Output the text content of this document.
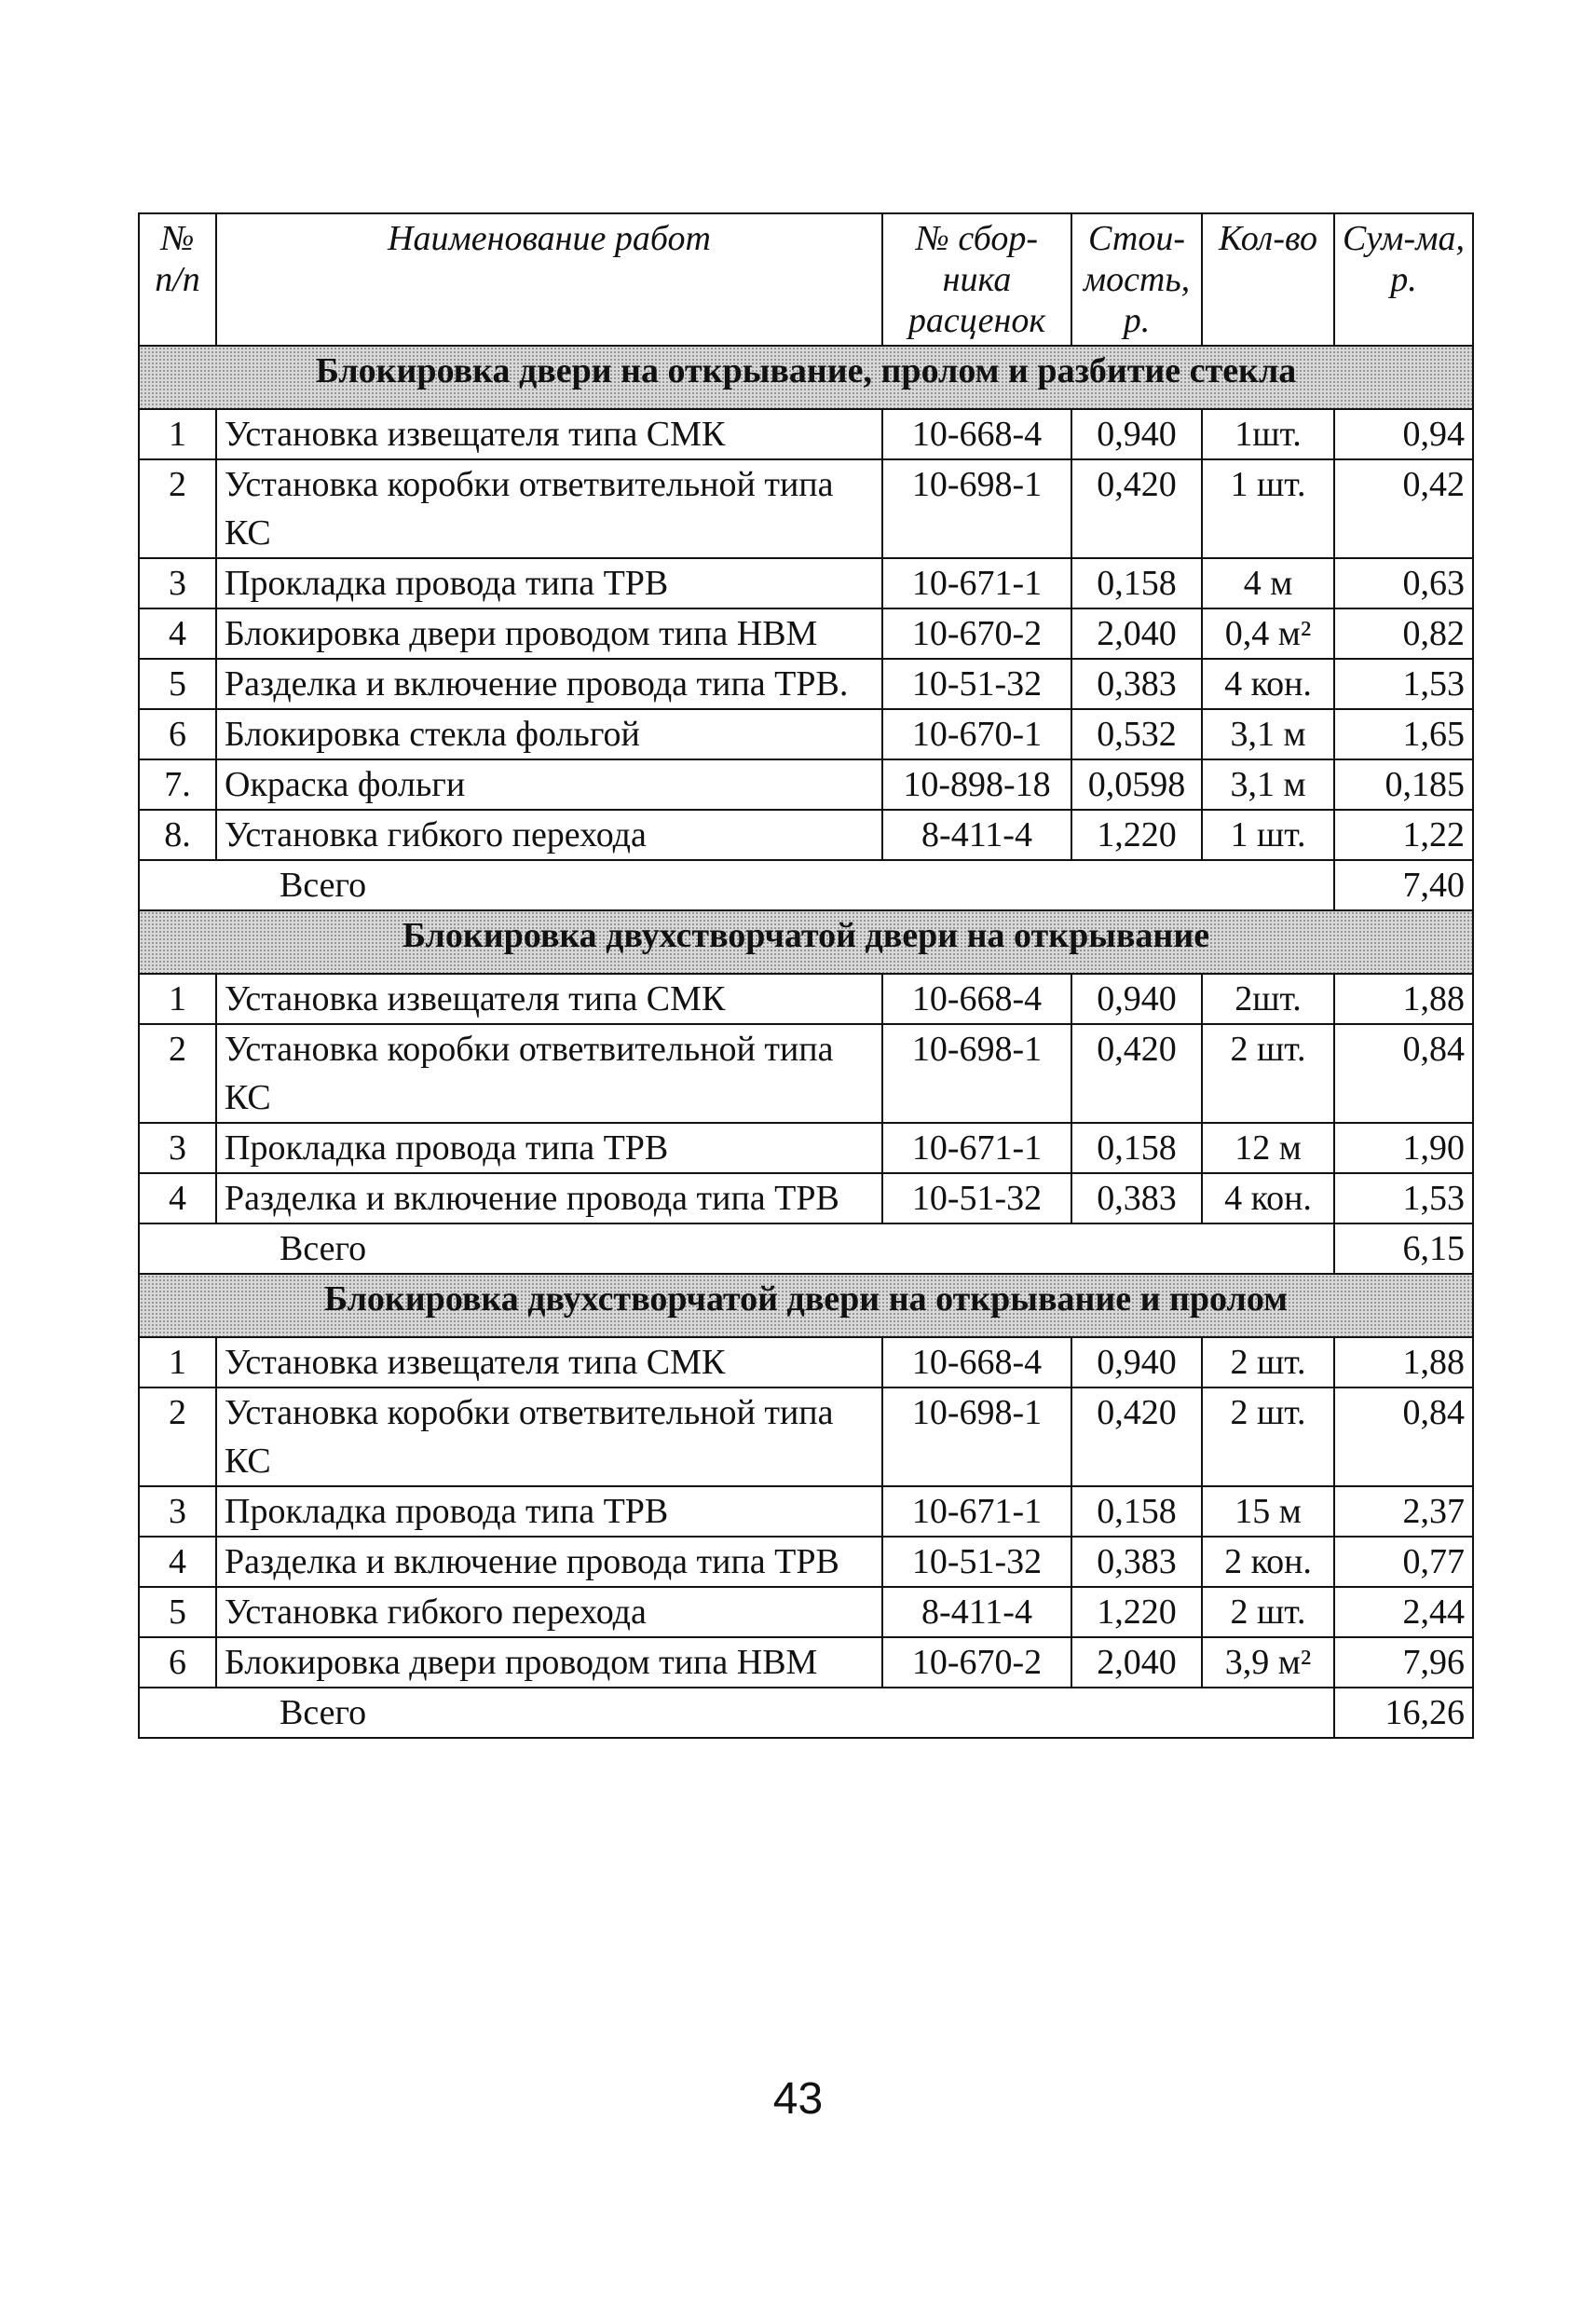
№ п/п	Наименование работ	№ сбор-ника расценок	Стои-мость, р.	Кол-во	Сум-ма, р.
Блокировка двери на открывание, пролом и разбитие стекла					
1	Установка извещателя типа СМК	10-668-4	0,940	1шт.	0,94
2	Установка коробки ответвительной типа КС	10-698-1	0,420	1 шт.	0,42
3	Прокладка провода типа ТРВ	10-671-1	0,158	4 м	0,63
4	Блокировка двери проводом типа НВМ	10-670-2	2,040	0,4 м²	0,82
5	Разделка и включение провода типа ТРВ.	10-51-32	0,383	4 кон.	1,53
6	Блокировка стекла фольгой	10-670-1	0,532	3,1 м	1,65
7.	Окраска фольги	10-898-18	0,0598	3,1 м	0,185
8.	Установка гибкого перехода	8-411-4	1,220	1 шт.	1,22
Всего					7,40
Блокировка двухстворчатой двери на открывание					
1	Установка извещателя типа СМК	10-668-4	0,940	2шт.	1,88
2	Установка коробки ответвительной типа КС	10-698-1	0,420	2 шт.	0,84
3	Прокладка провода типа ТРВ	10-671-1	0,158	12 м	1,90
4	Разделка и включение провода типа ТРВ	10-51-32	0,383	4 кон.	1,53
Всего					6,15
Блокировка двухстворчатой двери на открывание и пролом					
1	Установка извещателя типа СМК	10-668-4	0,940	2 шт.	1,88
2	Установка коробки ответвительной типа КС	10-698-1	0,420	2 шт.	0,84
3	Прокладка провода типа ТРВ	10-671-1	0,158	15 м	2,37
4	Разделка и включение провода типа ТРВ	10-51-32	0,383	2 кон.	0,77
5	Установка гибкого перехода	8-411-4	1,220	2 шт.	2,44
6	Блокировка двери проводом типа НВМ	10-670-2	2,040	3,9 м²	7,96
Всего					16,26
43
